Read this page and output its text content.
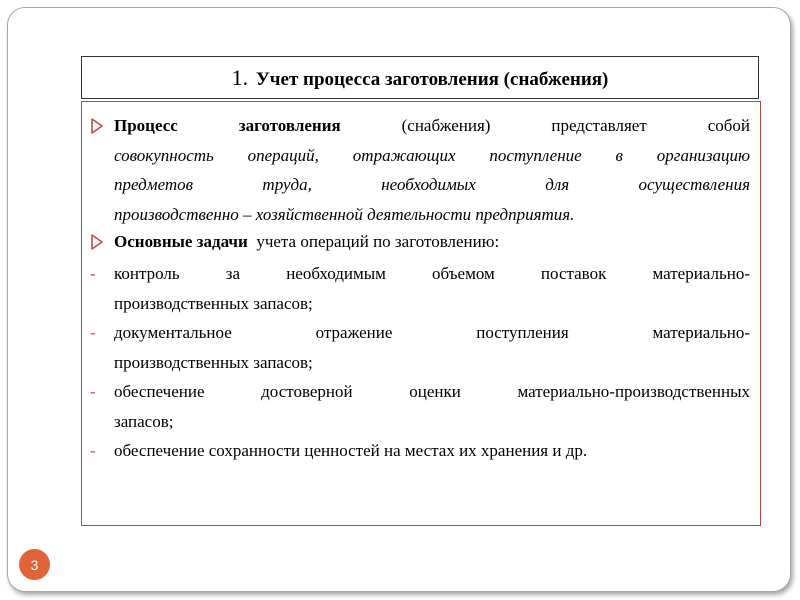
1. Учет процесса заготовления (снабжения)
Процесс заготовления	(снабжения) представляет собой
совокупность операций, отражающих поступление в организацию
предметов труда, необходимых для осуществления
производственно – хозяйственной деятельности предприятия.
Основные задачи учета операций по заготовлению:
-	контроль за необходимым объемом поставок материально-
производственных запасов;
-	документальное отражение поступления материально-
производственных запасов;
-	обеспечение достоверной оценки материально-производственных
запасов;
-	обеспечение сохранности ценностей на местах их хранения и др.
3
